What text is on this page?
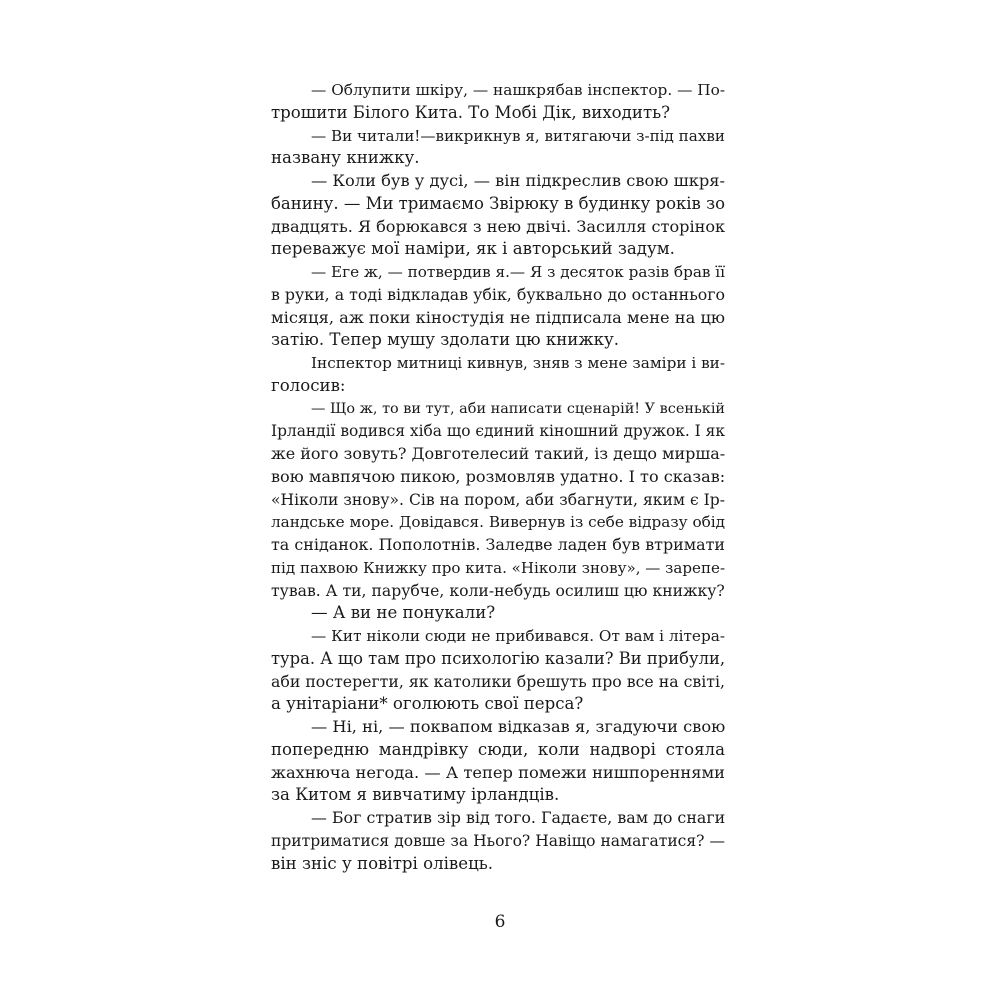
— Облупити шкіру, — нашкрябав інспектор. — По-
трошити Білого Кита. То Мобі Дік, виходить?
— Ви читали!—викрикнув я, витягаючи з-під пахви
названу книжку.
— Коли був у дусі, — він підкреслив свою шкря-
банину. — Ми тримаємо Звірюку в будинку років зо
двадцять. Я борюкався з нею двічі. Засилля сторінок
переважує мої наміри, як і авторський задум.
— Еге ж, — потвердив я.— Я з десяток разів брав її
в руки, а тоді відкладав убік, буквально до останнього
місяця, аж поки кіностудія не підписала мене на цю
затію. Тепер мушу здолати цю книжку.
Інспектор митниці кивнув, зняв з мене заміри і ви-
голосив:
— Що ж, то ви тут, аби написати сценарій! У всенькій
Ірландії водився хіба що єдиний кіношний дружок. І як
же його зовуть? Довготелесий такий, із дещо мирша-
вою мавпячою пикою, розмовляв удатно. І то сказав:
«Ніколи знову». Сів на пором, аби збагнути, яким є Ір-
ландське море. Довідався. Вивернув із себе відразу обід
та сніданок. Пополотнів. Заледве ладен був втримати
під пахвою Книжку про кита. «Ніколи знову», — зарепе-
тував. А ти, парубче, коли-небудь осилиш цю книжку?
— А ви не понукали?
— Кит ніколи сюди не прибивався. От вам і літера-
тура. А що там про психологію казали? Ви прибули,
аби постерегти, як католики брешуть про все на світі,
а унітаріани* оголюють свої перса?
— Ні, ні, — поквапом відказав я, згадуючи свою
попередню мандрівку сюди, коли надворі стояла
жахнюча негода. — А тепер помежи нишпореннями
за Китом я вивчатиму ірландців.
— Бог стратив зір від того. Гадаєте, вам до снаги
притриматися довше за Нього? Навіщо намагатися? —
він зніс у повітрі олівець.
6
